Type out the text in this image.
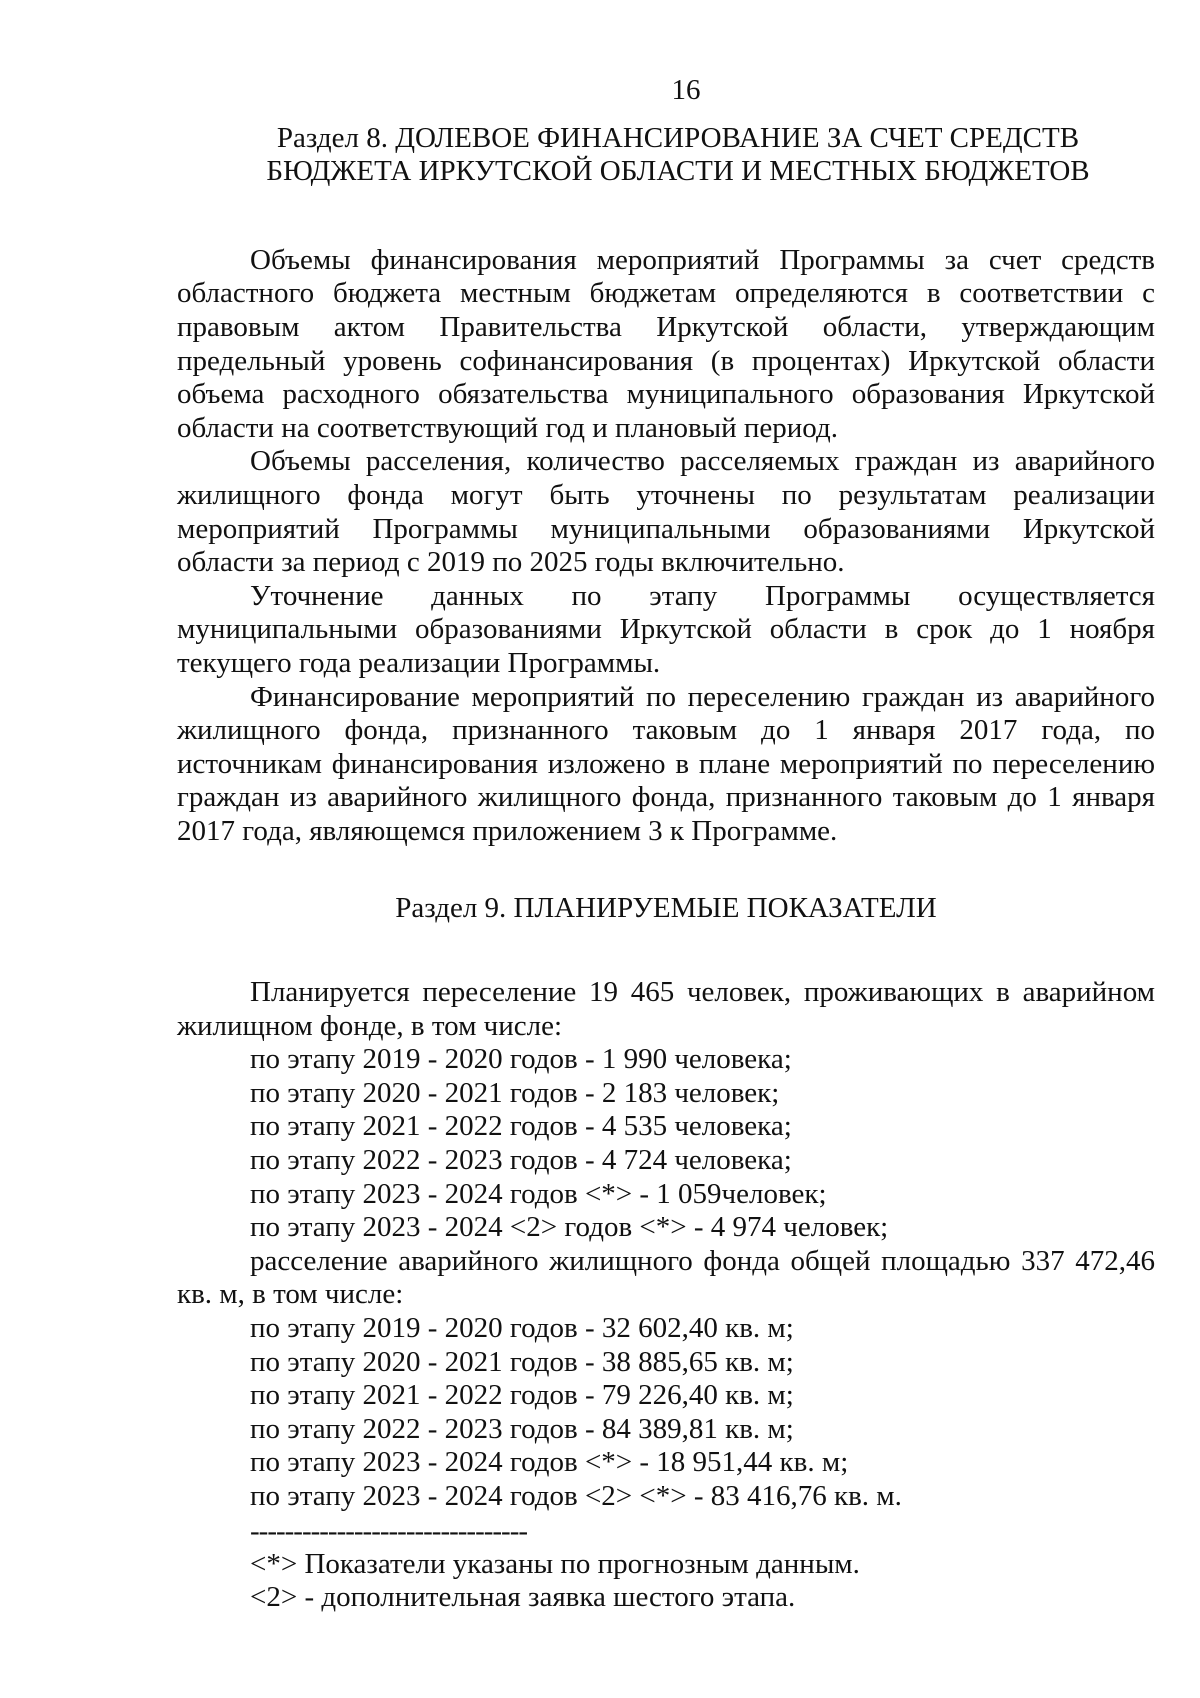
16
Раздел 8. ДОЛЕВОЕ ФИНАНСИРОВАНИЕ ЗА СЧЕТ СРЕДСТВ
БЮДЖЕТА ИРКУТСКОЙ ОБЛАСТИ И МЕСТНЫХ БЮДЖЕТОВ

Объемы финансирования мероприятий Программы за счет средств областного бюджета местным бюджетам определяются в соответствии с правовым актом Правительства Иркутской области, утверждающим предельный уровень софинансирования (в процентах) Иркутской области объема расходного обязательства муниципального образования Иркутской области на соответствующий год и плановый период.

Объемы расселения, количество расселяемых граждан из аварийного жилищного фонда могут быть уточнены по результатам реализации мероприятий Программы муниципальными образованиями Иркутской области за период с 2019 по 2025 годы включительно.

Уточнение данных по этапу Программы осуществляется муниципальными образованиями Иркутской области в срок до 1 ноября текущего года реализации Программы.

Финансирование мероприятий по переселению граждан из аварийного жилищного фонда, признанного таковым до 1 января 2017 года, по источникам финансирования изложено в плане мероприятий по переселению граждан из аварийного жилищного фонда, признанного таковым до 1 января 2017 года, являющемся приложением 3 к Программе.

Раздел 9. ПЛАНИРУЕМЫЕ ПОКАЗАТЕЛИ

Планируется переселение 19 465 человек, проживающих в аварийном жилищном фонде, в том числе:

по этапу 2019 - 2020 годов - 1 990 человека;
по этапу 2020 - 2021 годов - 2 183 человек;
по этапу 2021 - 2022 годов - 4 535 человека;
по этапу 2022 - 2023 годов - 4 724 человека;
по этапу 2023 - 2024 годов <*> - 1 059человек;
по этапу 2023 - 2024 <2> годов <*> - 4 974 человек;

расселение аварийного жилищного фонда общей площадью 337 472,46 кв. м, в том числе:

по этапу 2019 - 2020 годов - 32 602,40 кв. м;
по этапу 2020 - 2021 годов - 38 885,65 кв. м;
по этапу 2021 - 2022 годов - 79 226,40 кв. м;
по этапу 2022 - 2023 годов - 84 389,81 кв. м;
по этапу 2023 - 2024 годов <*> - 18 951,44 кв. м;
по этапу 2023 - 2024 годов <2> <*> - 83 416,76 кв. м.
--------------------------------
<*> Показатели указаны по прогнозным данным.
<2> - дополнительная заявка шестого этапа.
